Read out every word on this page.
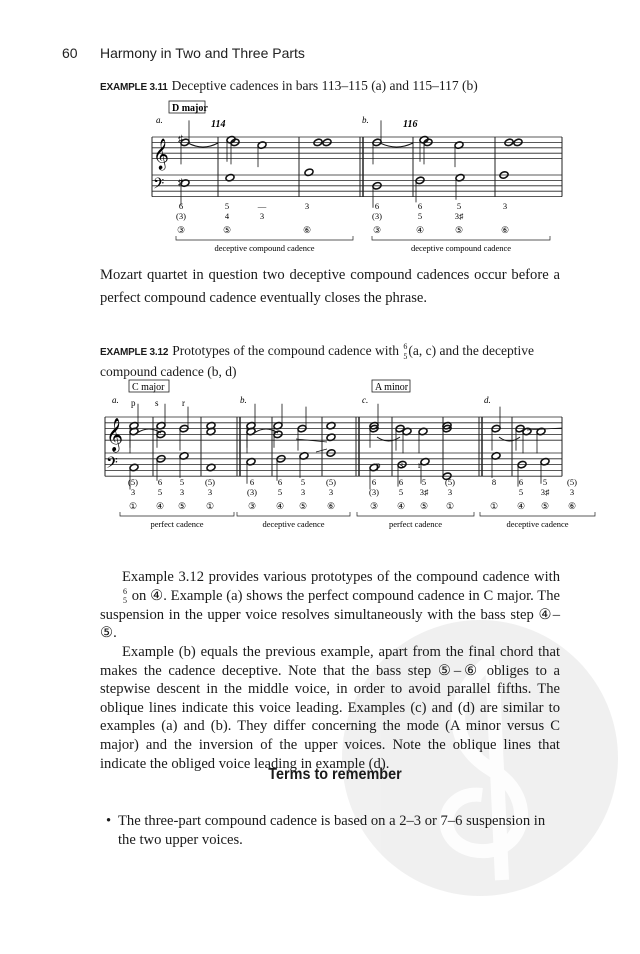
60 Harmony in Two and Three Parts
EXAMPLE 3.11 Deceptive cadences in bars 113–115 (a) and 115–117 (b)
𝄞
𝄢
♯
♯
a.	114
6
(3)
5
4
—
3
3
③	⑤	⑥
deceptive compound cadence
b.	116
6
(3)
6
5
5
3♯
3
③	④	⑤	⑥
deceptive compound cadence
D major

Mozart quartet in question two deceptive compound cadences occur before a perfect compound cadence eventually closes the phrase.

EXAMPLE 3.12 Prototypes of the compound cadence with 6
5 (a, c) and the deceptive compound cadence (b, d)
𝄞
𝄢
a. p s	r
(5)
3
6
5
5
3
(5)
3
① ④ ⑤ ①
perfect cadence
b.
6
(3)
6
5
5
3
(5)
3
③ ④ ⑤ ⑥
deceptive cadence
c.
p s r
6
(3)
6
5
5
3♯
(5)
3
③ ④ ⑤ ①
perfect cadence
d.
8	6
5
5
3♯
(5)
3
① ④ ⑤ ⑥
deceptive cadence
C major	A minor

Example 3.12 provides various prototypes of the compound cadence with
6
5 on ④. Example (a) shows the perfect compound cadence in C major. The suspension in the upper voice resolves simultaneously with the bass step ④–⑤.

Example (b) equals the previous example, apart from the final chord that makes the cadence deceptive. Note that the bass step ⑤–⑥ obliges to a stepwise descent in the middle voice, in order to avoid parallel fifths. The oblique lines indicate this voice leading. Examples (c) and (d) are similar to examples (a) and (b). They differ concerning the mode (A minor versus C major) and the inversion of the upper voices. Note the oblique lines that indicate the obliged voice leading in example (d).

Terms to remember
• The three-part compound cadence is based on a 2–3 or 7–6 suspension in the two upper voices.
